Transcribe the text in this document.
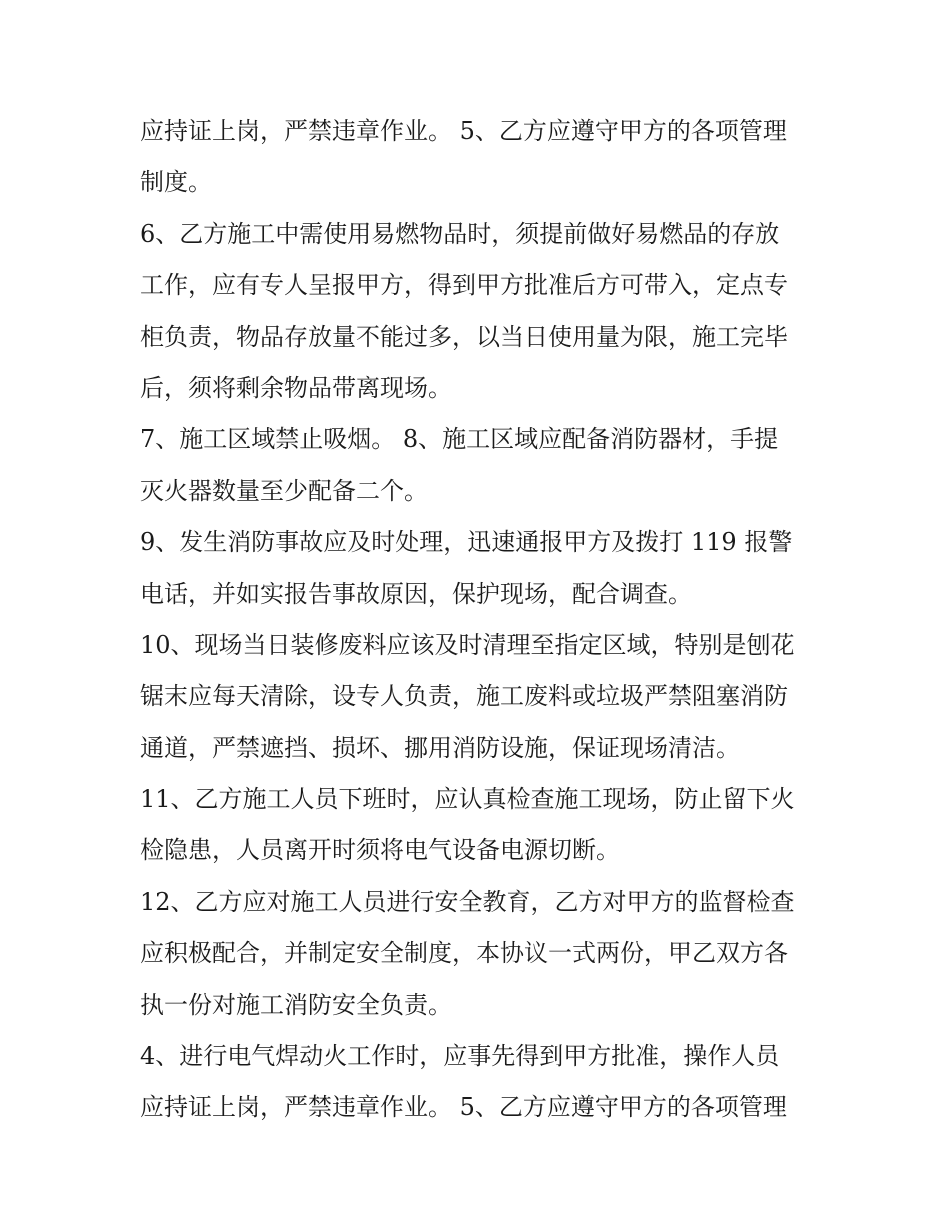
应持证上岗，严禁违章作业。 5、乙方应遵守甲方的各项管理
制度。
6、乙方施工中需使用易燃物品时，须提前做好易燃品的存放
工作，应有专人呈报甲方，得到甲方批准后方可带入，定点专
柜负责，物品存放量不能过多，以当日使用量为限，施工完毕
后，须将剩余物品带离现场。
7、施工区域禁止吸烟。 8、施工区域应配备消防器材，手提
灭火器数量至少配备二个。
9、发生消防事故应及时处理，迅速通报甲方及拨打 119 报警
电话，并如实报告事故原因，保护现场，配合调查。
10、现场当日装修废料应该及时清理至指定区域，特别是刨花
锯末应每天清除，设专人负责，施工废料或垃圾严禁阻塞消防
通道，严禁遮挡、损坏、挪用消防设施，保证现场清洁。
11、乙方施工人员下班时，应认真检查施工现场，防止留下火
检隐患，人员离开时须将电气设备电源切断。
12、乙方应对施工人员进行安全教育，乙方对甲方的监督检查
应积极配合，并制定安全制度，本协议一式两份，甲乙双方各
执一份对施工消防安全负责。
4、进行电气焊动火工作时，应事先得到甲方批准，操作人员
应持证上岗，严禁违章作业。 5、乙方应遵守甲方的各项管理
